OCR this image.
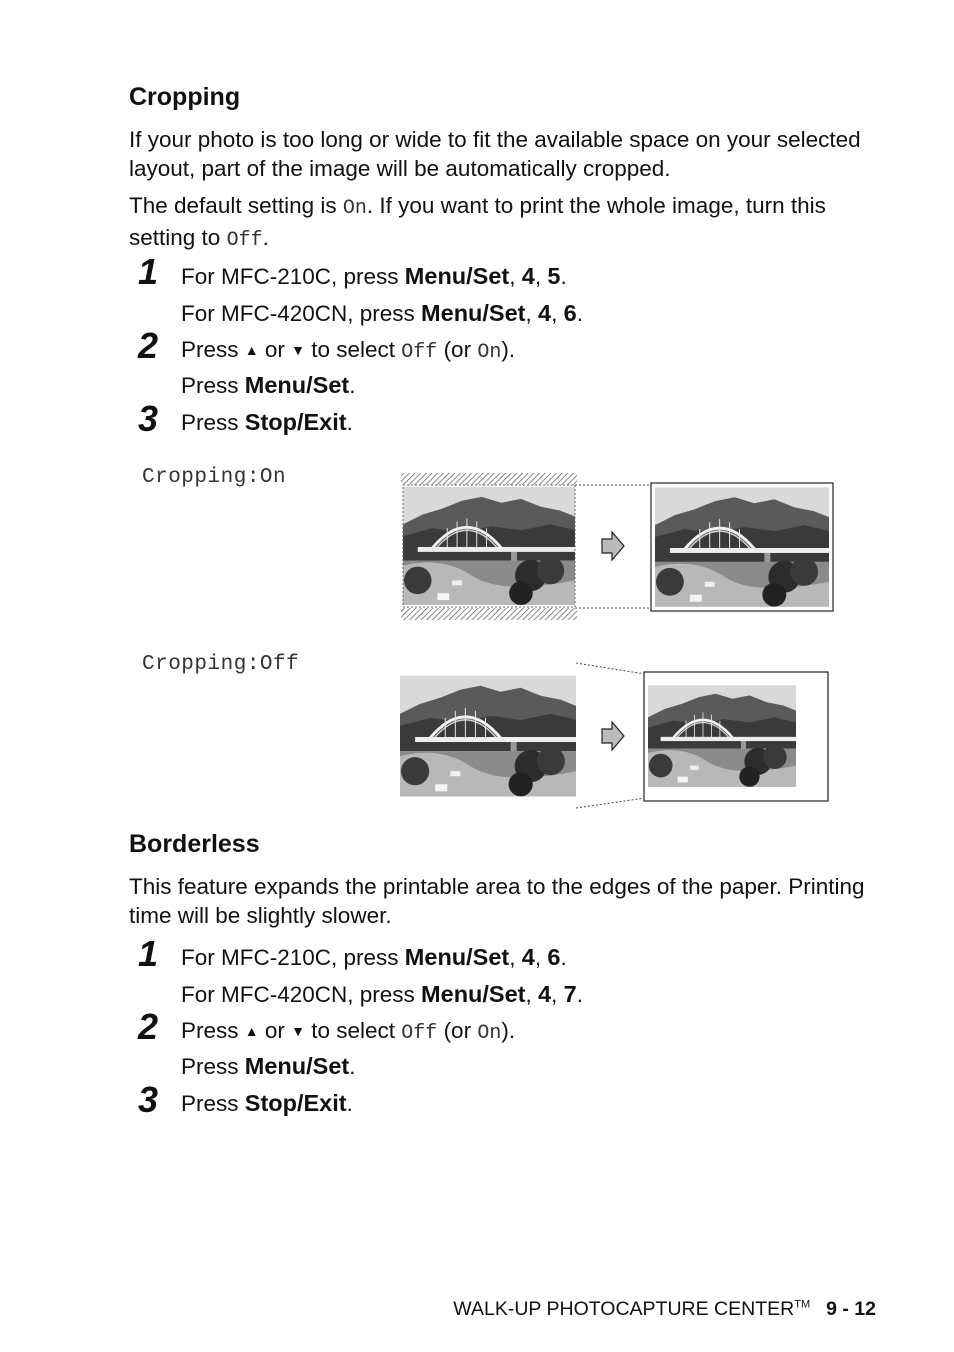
Cropping
If your photo is too long or wide to fit the available space on your selected layout, part of the image will be automatically cropped.
The default setting is On. If you want to print the whole image, turn this setting to Off.
1 For MFC-210C, press Menu/Set, 4, 5.
For MFC-420CN, press Menu/Set, 4, 6.
2 Press ▲ or ▼ to select Off (or On).
Press Menu/Set.
3 Press Stop/Exit.
Cropping:On
Cropping:Off
Borderless
This feature expands the printable area to the edges of the paper. Printing time will be slightly slower.
1 For MFC-210C, press Menu/Set, 4, 6.
For MFC-420CN, press Menu/Set, 4, 7.
2 Press ▲ or ▼ to select Off (or On).
Press Menu/Set.
3 Press Stop/Exit.
WALK-UP PHOTOCAPTURE CENTER™ 9 - 12
